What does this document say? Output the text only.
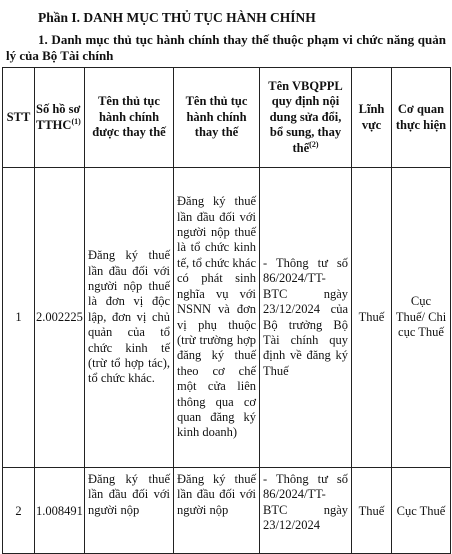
Phần I. DANH MỤC THỦ TỤC HÀNH CHÍNH
1. Danh mục thủ tục hành chính thay thế thuộc phạm vi chức năng quản lý của Bộ Tài chính
STT	Số hồ sơ TTHC$^{(1)}$	Tên thủ tục hành chính được thay thế	Tên thủ tục hành chính thay thế	Tên VBQPPL quy định nội dung sửa đổi, bổ sung, thay thế$^{(2)}$	Lĩnh vực	Cơ quan thực hiện
1	2.002225	Đăng ký thuế lần đầu đối với người nộp thuế là đơn vị độc lập, đơn vị chủ quản của tổ chức kinh tế (trừ tổ hợp tác), tổ chức khác.	Đăng ký thuế lần đầu đối với người nộp thuế là tổ chức kinh tế, tổ chức khác có phát sinh nghĩa vụ với NSNN và đơn vị phụ thuộc (trừ trường hợp đăng ký thuế theo cơ chế một cửa liên thông qua cơ quan đăng ký kinh doanh)	- Thông tư số 86/2024/TT-BTC ngày 23/12/2024 của Bộ trưởng Bộ Tài chính quy định về đăng ký Thuế	Thuế	Cục Thuế/ Chi cục Thuế
2	1.008491	Đăng ký thuế lần đầu đối với người nộp	Đăng ký thuế lần đầu đối với người nộp	- Thông tư số 86/2024/TT-BTC ngày 23/12/2024	Thuế	Cục Thuế
